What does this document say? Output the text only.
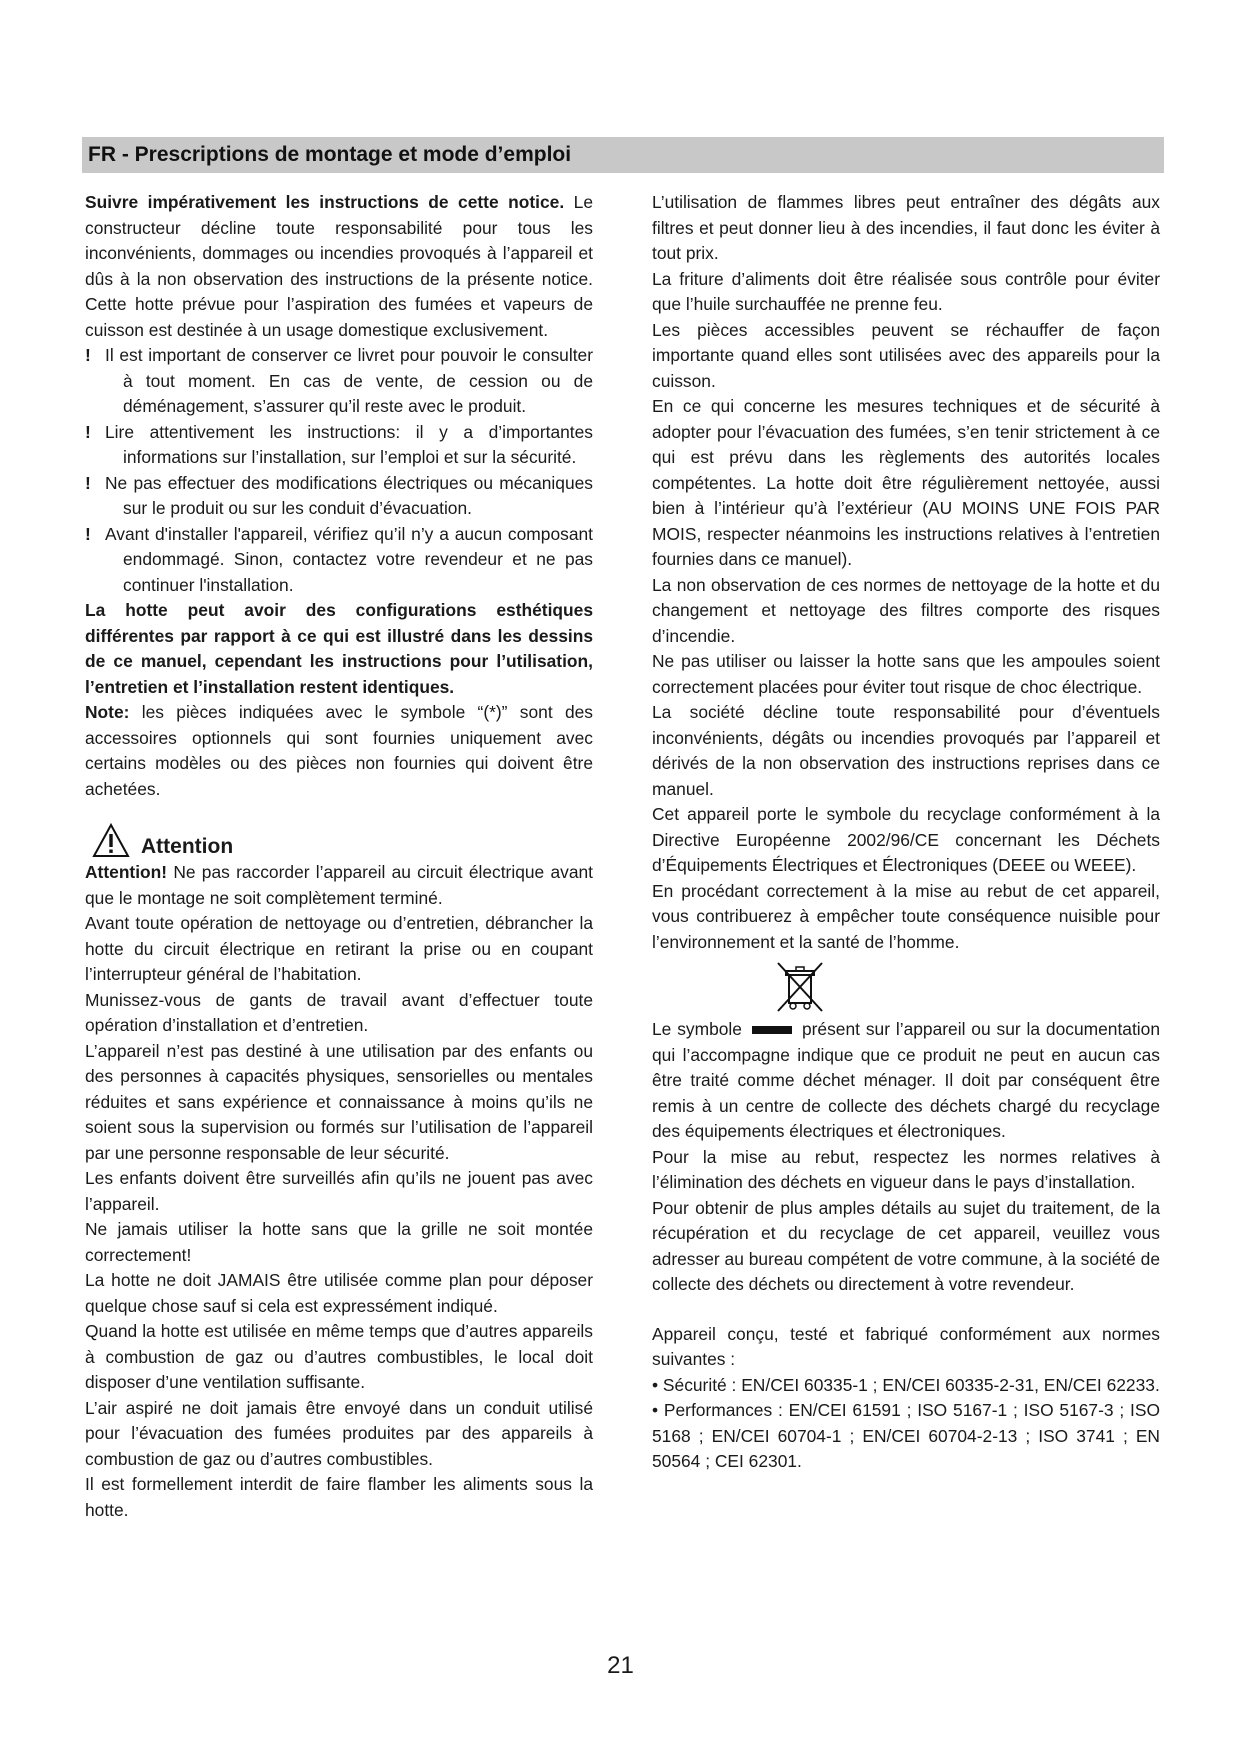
FR - Prescriptions de montage et mode d’emploi

Suivre impérativement les instructions de cette notice. Le constructeur décline toute responsabilité pour tous les inconvénients, dommages ou incendies provoqués à l’appareil et dûs à la non observation des instructions de la présente notice. Cette hotte prévue pour l’aspiration des fumées et vapeurs de cuisson est destinée à un usage domestique exclusivement.

! Il est important de conserver ce livret pour pouvoir le consulter à tout moment. En cas de vente, de cession ou de déménagement, s’assurer qu’il reste avec le produit.

! Lire attentivement les instructions: il y a d’importantes informations sur l’installation, sur l’emploi et sur la sécurité.

! Ne pas effectuer des modifications électriques ou mécaniques sur le produit ou sur les conduit d’évacuation.

! Avant d'installer l'appareil, vérifiez qu’il n’y a aucun composant endommagé. Sinon, contactez votre revendeur et ne pas continuer l'installation.

La hotte peut avoir des configurations esthétiques différentes par rapport à ce qui est illustré dans les dessins de ce manuel, cependant les instructions pour l’utilisation, l’entretien et l’installation restent identiques.

Note: les pièces indiquées avec le symbole “(*)” sont des accessoires optionnels qui sont fournies uniquement avec certains modèles ou des pièces non fournies qui doivent être achetées.

Attention

Attention! Ne pas raccorder l’appareil au circuit électrique avant que le montage ne soit complètement terminé.

Avant toute opération de nettoyage ou d’entretien, débrancher la hotte du circuit électrique en retirant la prise ou en coupant l’interrupteur général de l’habitation.

Munissez-vous de gants de travail avant d’effectuer toute opération d’installation et d’entretien.

L’appareil n’est pas destiné à une utilisation par des enfants ou des personnes à capacités physiques, sensorielles ou mentales réduites et sans expérience et connaissance à moins qu’ils ne soient sous la supervision ou formés sur l’utilisation de l’appareil par une personne responsable de leur sécurité.

Les enfants doivent être surveillés afin qu’ils ne jouent pas avec l’appareil.

Ne jamais utiliser la hotte sans que la grille ne soit montée correctement!

La hotte ne doit JAMAIS être utilisée comme plan pour déposer quelque chose sauf si cela est expressément indiqué.

Quand la hotte est utilisée en même temps que d’autres appareils à combustion de gaz ou d’autres combustibles, le local doit disposer d’une ventilation suffisante.

L’air aspiré ne doit jamais être envoyé dans un conduit utilisé pour l’évacuation des fumées produites par des appareils à combustion de gaz ou d’autres combustibles.

Il est formellement interdit de faire flamber les aliments sous la hotte.

L’utilisation de flammes libres peut entraîner des dégâts aux filtres et peut donner lieu à des incendies, il faut donc les éviter à tout prix.

La friture d’aliments doit être réalisée sous contrôle pour éviter que l’huile surchauffée ne prenne feu.

Les pièces accessibles peuvent se réchauffer de façon importante quand elles sont utilisées avec des appareils pour la cuisson.

En ce qui concerne les mesures techniques et de sécurité à adopter pour l’évacuation des fumées, s’en tenir strictement à ce qui est prévu dans les règlements des autorités locales compétentes. La hotte doit être régulièrement nettoyée, aussi bien à l’intérieur qu’à l’extérieur (AU MOINS UNE FOIS PAR MOIS, respecter néanmoins les instructions relatives à l’entretien fournies dans ce manuel).

La non observation de ces normes de nettoyage de la hotte et du changement et nettoyage des filtres comporte des risques d’incendie.

Ne pas utiliser ou laisser la hotte sans que les ampoules soient correctement placées pour éviter tout risque de choc électrique.

La société décline toute responsabilité pour d’éventuels inconvénients, dégâts ou incendies provoqués par l’appareil et dérivés de la non observation des instructions reprises dans ce manuel.

Cet appareil porte le symbole du recyclage conformément à la Directive Européenne 2002/96/CE concernant les Déchets d’Équipements Électriques et Électroniques (DEEE ou WEEE).

En procédant correctement à la mise au rebut de cet appareil, vous contribuerez à empêcher toute conséquence nuisible pour l’environnement et la santé de l’homme.

Le symbole	présent sur l’appareil ou sur la documentation qui l’accompagne indique que ce produit ne peut en aucun cas être traité comme déchet ménager. Il doit par conséquent être remis à un centre de collecte des déchets chargé du recyclage des équipements électriques et électroniques.

Pour la mise au rebut, respectez les normes relatives à l’élimination des déchets en vigueur dans le pays d’installation.

Pour obtenir de plus amples détails au sujet du traitement, de la récupération et du recyclage de cet appareil, veuillez vous adresser au bureau compétent de votre commune, à la société de collecte des déchets ou directement à votre revendeur.

Appareil conçu, testé et fabriqué conformément aux normes suivantes :

• Sécurité : EN/CEI 60335-1 ; EN/CEI 60335-2-31, EN/CEI 62233.

• Performances : EN/CEI 61591 ; ISO 5167-1 ; ISO 5167-3 ; ISO 5168 ; EN/CEI 60704-1 ; EN/CEI 60704-2-13 ; ISO 3741 ; EN 50564 ; CEI 62301.

21
